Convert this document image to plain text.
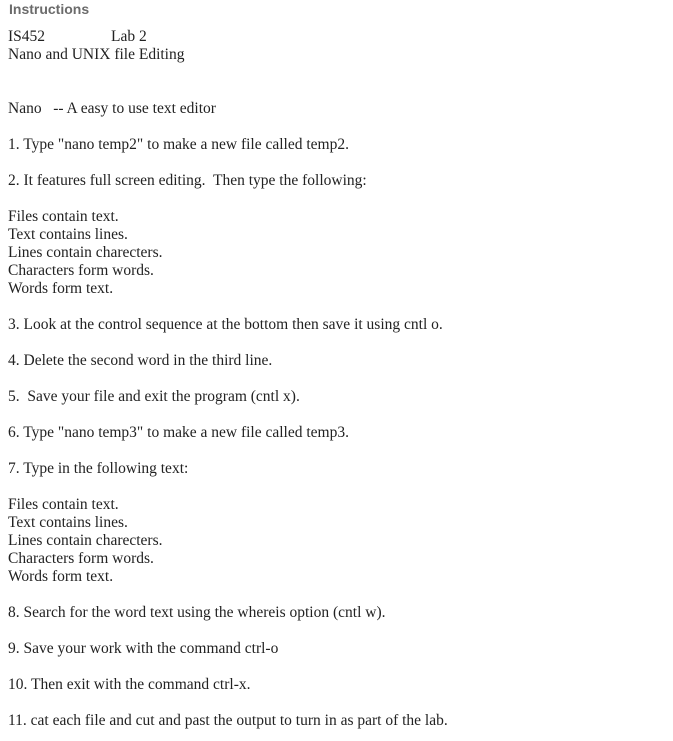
Instructions
IS452	Lab 2
Nano and UNIX file Editing
Nano   -- A easy to use text editor
1. Type "nano temp2" to make a new file called temp2.
2. It features full screen editing.  Then type the following:
Files contain text.
Text contains lines.
Lines contain charecters.
Characters form words.
Words form text.
3. Look at the control sequence at the bottom then save it using cntl o.
4. Delete the second word in the third line.
5.  Save your file and exit the program (cntl x).
6. Type "nano temp3" to make a new file called temp3.
7. Type in the following text:
Files contain text.
Text contains lines.
Lines contain charecters.
Characters form words.
Words form text.
8. Search for the word text using the whereis option (cntl w).
9. Save your work with the command ctrl-o
10. Then exit with the command ctrl-x.
11. cat each file and cut and past the output to turn in as part of the lab.
